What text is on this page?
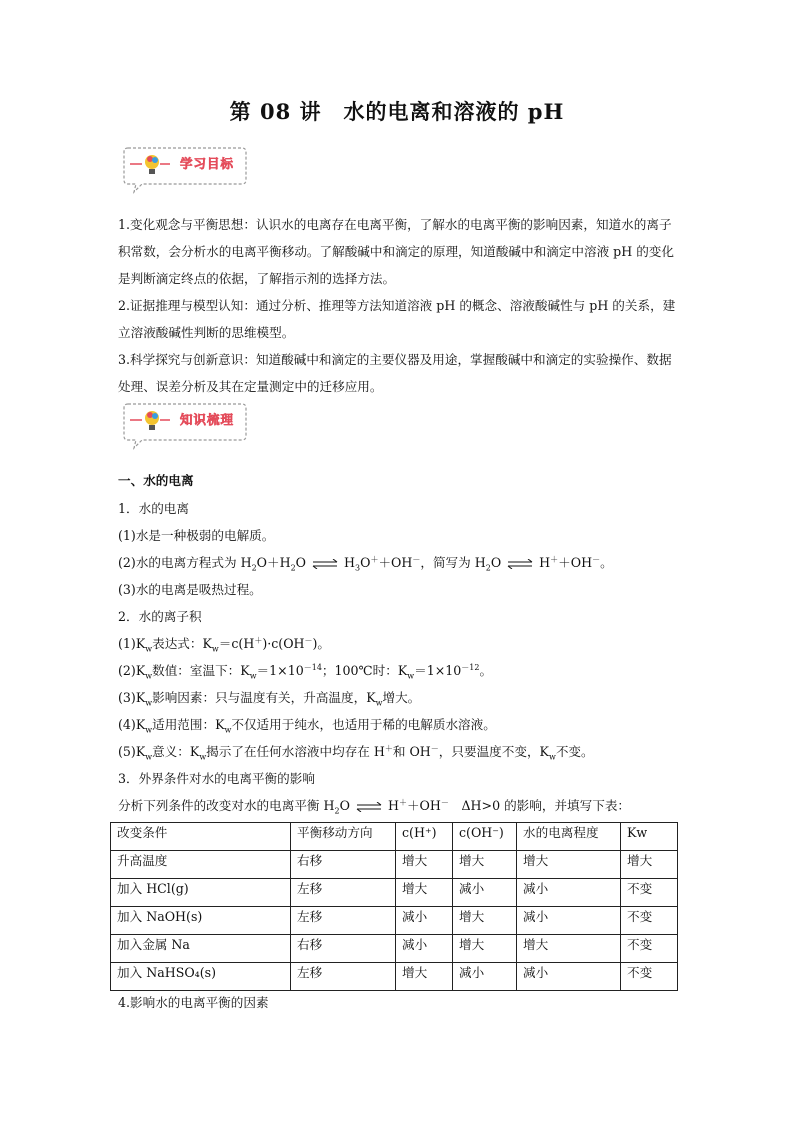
第 08 讲　水的电离和溶液的 pH
学习目标
1.变化观念与平衡思想：认识水的电离存在电离平衡，了解水的电离平衡的影响因素，知道水的离子积常数，会分析水的电离平衡移动。了解酸碱中和滴定的原理，知道酸碱中和滴定中溶液 pH 的变化是判断滴定终点的依据，了解指示剂的选择方法。
2.证据推理与模型认知：通过分析、推理等方法知道溶液 pH 的概念、溶液酸碱性与 pH 的关系，建立溶液酸碱性判断的思维模型。
3.科学探究与创新意识：知道酸碱中和滴定的主要仪器及用途，掌握酸碱中和滴定的实验操作、数据处理、误差分析及其在定量测定中的迁移应用。
知识梳理
一、水的电离
1．水的电离
(1)水是一种极弱的电解质。
(2)水的电离方程式为 $H_2O+H_2O$ ⇌ $H_3O^++OH^-$，简写为 $H_2O$ ⇌ H＋＋OH－。
(3)水的电离是吸热过程。
2．水的离子积
$(1)K_w$表达式：$K_w=c(H^+)\cdot c(OH^-)$。
$(2)K_w$数值：室温下：$K_w=1\times 10^{-14}$；100℃时：$K_w=1\times 10^{-12}$。
$(3)K_w$影响因素：只与温度有关，升高温度，$K_w$增大。
$(4)K_w$适用范围：$K_w$不仅适用于纯水，也适用于稀的电解质水溶液。
$(5)K_w$意义：$K_w$揭示了在任何水溶液中均存在 H＋和 OH－，只要温度不变，$K_w$不变。
3．外界条件对水的电离平衡的影响
分析下列条件的改变对水的电离平衡 $H_2O$ ⇌ H＋＋OH－　ΔH>0 的影响，并填写下表：
改变条件	平衡移动方向	c(H⁺)	c(OH⁻)	水的电离程度	Kw
升高温度	右移	增大	增大	增大	增大
加入 HCl(g)	左移	增大	减小	减小	不变
加入 NaOH(s)	左移	减小	增大	减小	不变
加入金属 Na	右移	减小	增大	增大	不变
加入 NaHSO₄(s)	左移	增大	减小	减小	不变
4.影响水的电离平衡的因素
